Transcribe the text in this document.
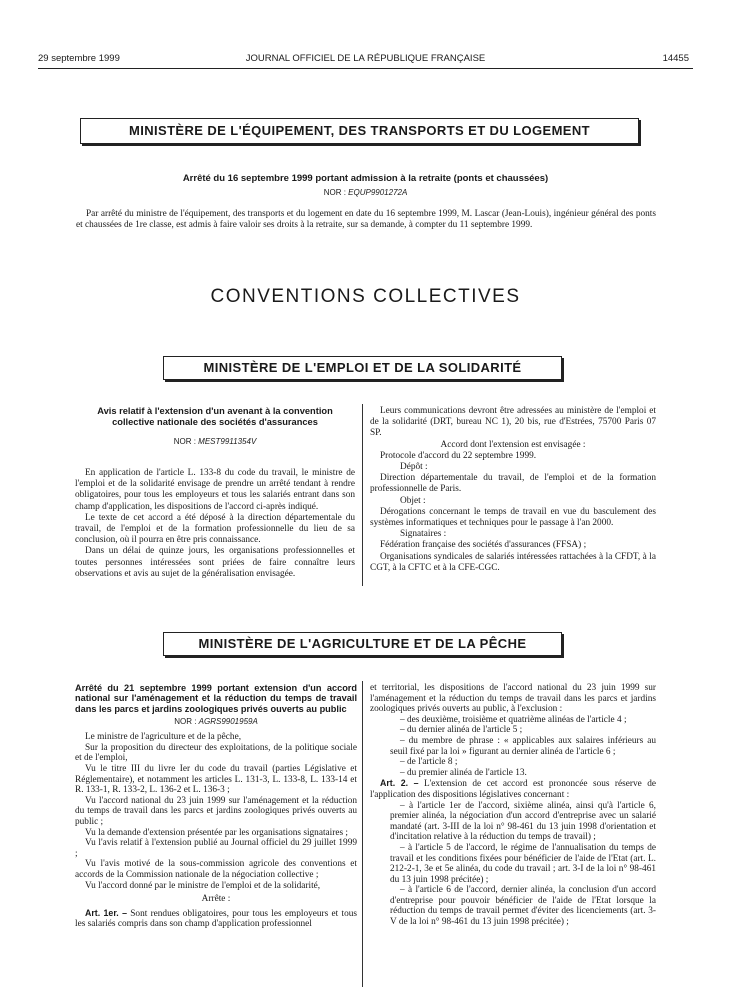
29 septembre 1999	JOURNAL OFFICIEL DE LA RÉPUBLIQUE FRANÇAISE	14455
MINISTÈRE DE L'ÉQUIPEMENT, DES TRANSPORTS ET DU LOGEMENT
Arrêté du 16 septembre 1999 portant admission à la retraite (ponts et chaussées)
NOR : EQUP9901272A

Par arrêté du ministre de l'équipement, des transports et du logement en date du 16 septembre 1999, M. Lascar (Jean-Louis), ingénieur général des ponts et chaussées de 1re classe, est admis à faire valoir ses droits à la retraite, sur sa demande, à compter du 11 septembre 1999.

CONVENTIONS COLLECTIVES
MINISTÈRE DE L'EMPLOI ET DE LA SOLIDARITÉ
Avis relatif à l'extension d'un avenant à la convention collective nationale des sociétés d'assurances
NOR : MEST9911354V

En application de l'article L. 133-8 du code du travail, le ministre de l'emploi et de la solidarité envisage de prendre un arrêté tendant à rendre obligatoires, pour tous les employeurs et tous les salariés entrant dans son champ d'application, les dispositions de l'accord ci-après indiqué.

Le texte de cet accord a été déposé à la direction départementale du travail, de l'emploi et de la formation professionnelle du lieu de sa conclusion, où il pourra en être pris connaissance.

Dans un délai de quinze jours, les organisations professionnelles et toutes personnes intéressées sont priées de faire connaître leurs observations et avis au sujet de la généralisation envisagée.

Leurs communications devront être adressées au ministère de l'emploi et de la solidarité (DRT, bureau NC 1), 20 bis, rue d'Estrées, 75700 Paris 07 SP.

Accord dont l'extension est envisagée :

Protocole d'accord du 22 septembre 1999.

Dépôt :

Direction départementale du travail, de l'emploi et de la formation professionnelle de Paris.

Objet :

Dérogations concernant le temps de travail en vue du basculement des systèmes informatiques et techniques pour le passage à l'an 2000.

Signataires :

Fédération française des sociétés d'assurances (FFSA) ;

Organisations syndicales de salariés intéressées rattachées à la CFDT, à la CGT, à la CFTC et à la CFE-CGC.

MINISTÈRE DE L'AGRICULTURE ET DE LA PÊCHE
Arrêté du 21 septembre 1999 portant extension d'un accord national sur l'aménagement et la réduction du temps de travail dans les parcs et jardins zoologiques privés ouverts au public
NOR : AGRS9901959A

Le ministre de l'agriculture et de la pêche,

Sur la proposition du directeur des exploitations, de la politique sociale et de l'emploi,

Vu le titre III du livre Ier du code du travail (parties Législative et Réglementaire), et notamment les articles L. 131-3, L. 133-8, L. 133-14 et R. 133-1, R. 133-2, L. 136-2 et L. 136-3 ;

Vu l'accord national du 23 juin 1999 sur l'aménagement et la réduction du temps de travail dans les parcs et jardins zoologiques privés ouverts au public ;

Vu la demande d'extension présentée par les organisations signataires ;

Vu l'avis relatif à l'extension publié au Journal officiel du 29 juillet 1999 ;

Vu l'avis motivé de la sous-commission agricole des conventions et accords de la Commission nationale de la négociation collective ;

Vu l'accord donné par le ministre de l'emploi et de la solidarité,

Arrête :

Art. 1er. – Sont rendues obligatoires, pour tous les employeurs et tous les salariés compris dans son champ d'application professionnel

et territorial, les dispositions de l'accord national du 23 juin 1999 sur l'aménagement et la réduction du temps de travail dans les parcs et jardins zoologiques privés ouverts au public, à l'exclusion :

– des deuxième, troisième et quatrième alinéas de l'article 4 ;

– du dernier alinéa de l'article 5 ;

– du membre de phrase : « applicables aux salaires inférieurs au seuil fixé par la loi » figurant au dernier alinéa de l'article 6 ;

– de l'article 8 ;

– du premier alinéa de l'article 13.

Art. 2. – L'extension de cet accord est prononcée sous réserve de l'application des dispositions législatives concernant :

– à l'article 1er de l'accord, sixième alinéa, ainsi qu'à l'article 6, premier alinéa, la négociation d'un accord d'entreprise avec un salarié mandaté (art. 3-III de la loi n° 98-461 du 13 juin 1998 d'orientation et d'incitation relative à la réduction du temps de travail) ;

– à l'article 5 de l'accord, le régime de l'annualisation du temps de travail et les conditions fixées pour bénéficier de l'aide de l'Etat (art. L. 212-2-1, 3e et 5e alinéa, du code du travail ; art. 3-I de la loi n° 98-461 du 13 juin 1998 précitée) ;

– à l'article 6 de l'accord, dernier alinéa, la conclusion d'un accord d'entreprise pour pouvoir bénéficier de l'aide de l'Etat lorsque la réduction du temps de travail permet d'éviter des licenciements (art. 3-V de la loi n° 98-461 du 13 juin 1998 précitée) ;
